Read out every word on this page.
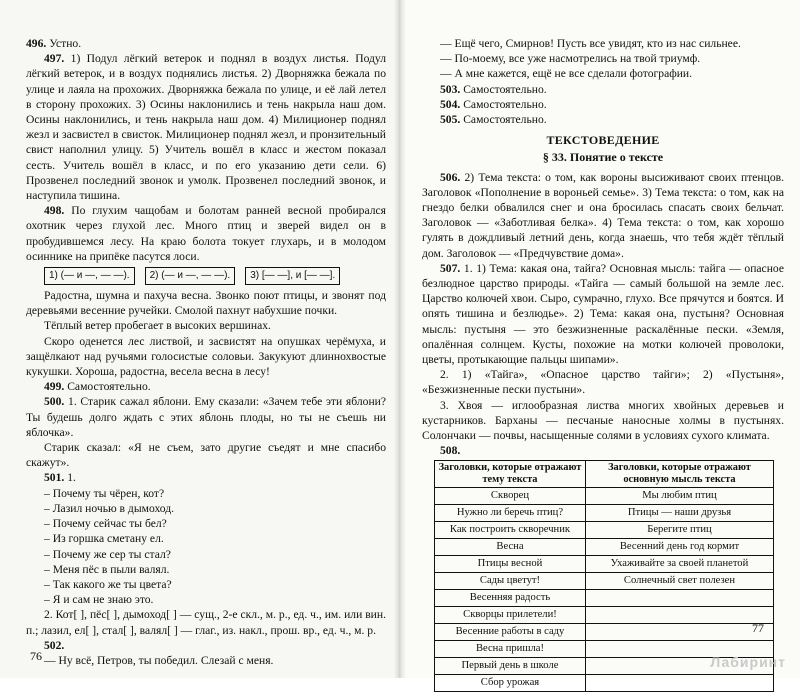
496. Устно.

497. 1) Подул лёгкий ветерок и поднял в воздух листья. Подул лёгкий ветерок, и в воздух поднялись листья. 2) Дворняжка бежала по улице и лаяла на прохожих. Дворняжка бежала по улице, и её лай летел в сторону прохожих. 3) Осины наклонились и тень накрыла наш дом. Осины наклонились, и тень накрыла наш дом. 4) Милиционер поднял жезл и засвистел в свисток. Милиционер поднял жезл, и пронзительный свист наполнил улицу. 5) Учитель вошёл в класс и жестом показал сесть. Учитель вошёл в класс, и по его указанию дети сели. 6) Прозвенел последний звонок и умолк. Прозвенел последний звонок, и наступила тишина.

498. По глухим чащобам и болотам ранней весной пробирался охотник через глухой лес. Много птиц и зверей видел он в пробудившемся лесу. На краю болота токует глухарь, и в молодом осиннике на припёке пасутся лоси.

1) (— и —, — —).	2) (— и —, — —).	3) [— —], и [— —].

Радостна, шумна и пахуча весна. Звонко поют птицы, и звонят под деревьями весенние ручейки. Смолой пахнут набухшие почки.

Тёплый ветер пробегает в высоких вершинах.

Скоро оденется лес листвой, и засвистят на опушках черёмуха, и защёлкают над ручьями голосистые соловьи. Закукуют длиннохвостые кукушки. Хороша, радостна, весела весна в лесу!

499. Самостоятельно.

500. 1. Старик сажал яблони. Ему сказали: «Зачем тебе эти яблони? Ты будешь долго ждать с этих яблонь плоды, но ты не съешь ни яблочка».

Старик сказал: «Я не съем, зато другие съедят и мне спасибо скажут».

501. 1.

– Почему ты чёрен, кот?

– Лазил ночью в дымоход.

– Почему сейчас ты бел?

– Из горшка сметану ел.

– Почему же сер ты стал?

– Меня пёс в пыли валял.

– Так какого же ты цвета?

– Я и сам не знаю это.

2. Кот[ ], пёс[ ], дымоход[ ] — сущ., 2-е скл., м. р., ед. ч., им. или вин. п.; лазил, ел[ ], стал[ ], валял[ ] — глаг., из. накл., прош. вр., ед. ч., м. р.

502.

— Ну всё, Петров, ты победил. Слезай с меня.

76

— Ещё чего, Смирнов! Пусть все увидят, кто из нас сильнее.

— По-моему, все уже насмотрелись на твой триумф.

— А мне кажется, ещё не все сделали фотографии.

503. Самостоятельно.

504. Самостоятельно.

505. Самостоятельно.

ТЕКСТОВЕДЕНИЕ
§ 33. Понятие о тексте

506. 2) Тема текста: о том, как вороны высиживают своих птенцов. Заголовок «Пополнение в вороньей семье». 3) Тема текста: о том, как на гнездо белки обвалился снег и она бросилась спасать своих бельчат. Заголовок — «Заботливая белка». 4) Тема текста: о том, как хорошо гулять в дождливый летний день, когда знаешь, что тебя ждёт тёплый дом. Заголовок — «Предчувствие дома».

507. 1. 1) Тема: какая она, тайга? Основная мысль: тайга — опасное безлюдное царство природы. «Тайга — самый большой на земле лес. Царство колючей хвои. Сыро, сумрачно, глухо. Все прячутся и боятся. И опять тишина и безлюдье». 2) Тема: какая она, пустыня? Основная мысль: пустыня — это безжизненные раскалённые пески. «Земля, опалённая солнцем. Кусты, похожие на мотки колючей проволоки, цветы, протыкающие пальцы шипами».

2. 1) «Тайга», «Опасное царство тайги»; 2) «Пустыня», «Безжизненные пески пустыни».

3. Хвоя — иглообразная листва многих хвойных деревьев и кустарников. Барханы — песчаные наносные холмы в пустынях. Солончаки — почвы, насыщенные солями в условиях сухого климата.

508.

Заголовки, которые отражают тему текста	Заголовки, которые отражают основную мысль текста
Скворец	Мы любим птиц
Нужно ли беречь птиц?	Птицы — наши друзья
Как построить скворечник	Берегите птиц
Весна	Весенний день год кормит
Птицы весной	Ухаживайте за своей планетой
Сады цветут!	Солнечный свет полезен
Весенняя радость	
Скворцы прилетели!	
Весенние работы в саду	
Весна пришла!	
Первый день в школе	
Сбор урожая	
77
Лабиринт
